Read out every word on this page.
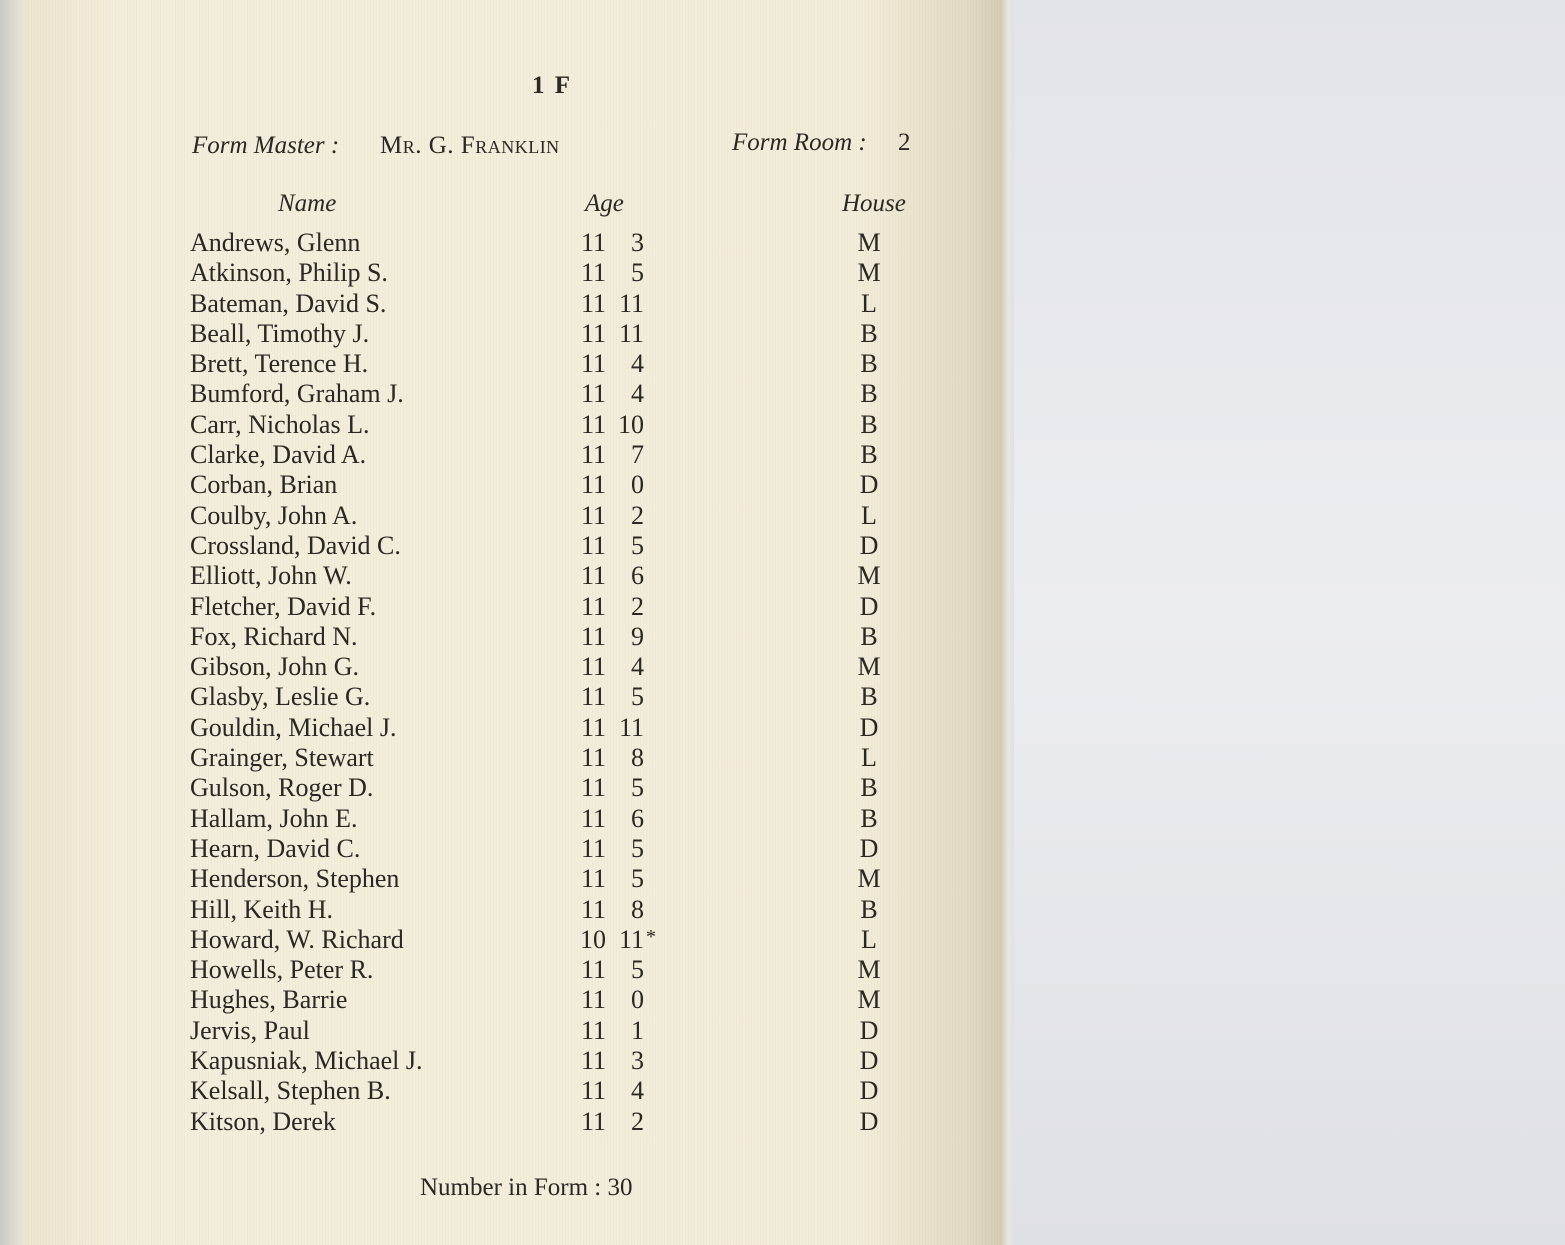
1 F
Form Master : Mr. G. Franklin	Form Room : 2
Name	Age	House
Andrews, Glenn	11 3	M
Atkinson, Philip S.	11 5	M
Bateman, David S.	11 11	L
Beall, Timothy J.	11 11	B
Brett, Terence H.	11 4	B
Bumford, Graham J.	11 4	B
Carr, Nicholas L.	11 10	B
Clarke, David A.	11 7	B
Corban, Brian	11 0	D
Coulby, John A.	11 2	L
Crossland, David C.	11 5	D
Elliott, John W.	11 6	M
Fletcher, David F.	11 2	D
Fox, Richard N.	11 9	B
Gibson, John G.	11 4	M
Glasby, Leslie G.	11 5	B
Gouldin, Michael J.	11 11	D
Grainger, Stewart	11 8	L
Gulson, Roger D.	11 5	B
Hallam, John E.	11 6	B
Hearn, David C.	11 5	D
Henderson, Stephen	11 5	M
Hill, Keith H.	11 8	B
Howard, W. Richard	10 11 *	L
Howells, Peter R.	11 5	M
Hughes, Barrie	11 0	M
Jervis, Paul	11 1	D
Kapusniak, Michael J.	11 3	D
Kelsall, Stephen B.	11 4	D
Kitson, Derek	11 2	D
Number in Form : 30
